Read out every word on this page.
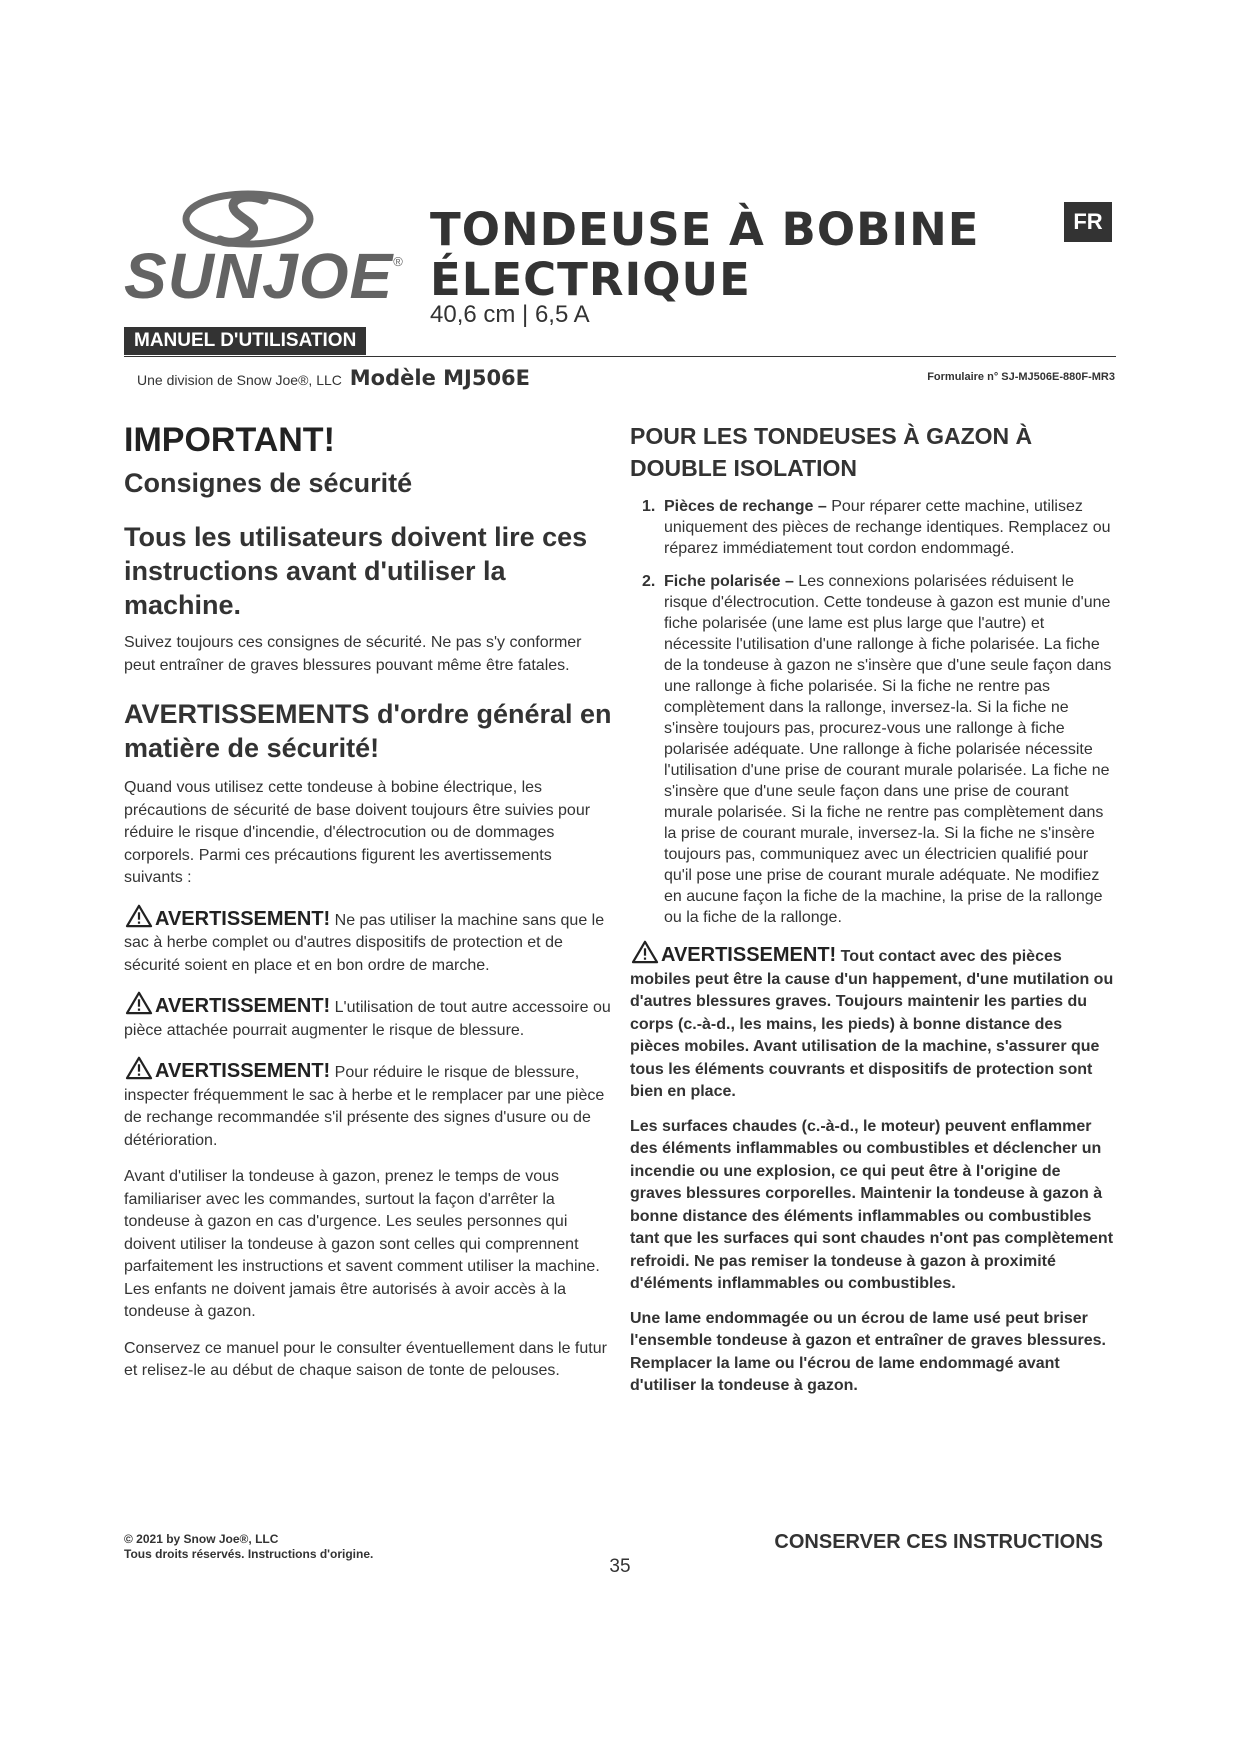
SUNJOE®
MANUEL D'UTILISATION
TONDEUSE À BOBINE
ÉLECTRIQUE
40,6 cm | 6,5 A
FR
Une division de Snow Joe®, LLC Modèle MJ506E	Formulaire n° SJ-MJ506E-880F-MR3
IMPORTANT!
Consignes de sécurité
Tous les utilisateurs doivent lire ces instructions avant d'utiliser la machine.

Suivez toujours ces consignes de sécurité. Ne pas s'y conformer peut entraîner de graves blessures pouvant même être fatales.

AVERTISSEMENTS d'ordre général en matière de sécurité!

Quand vous utilisez cette tondeuse à bobine électrique, les précautions de sécurité de base doivent toujours être suivies pour réduire le risque d'incendie, d'électrocution ou de dommages corporels. Parmi ces précautions figurent les avertissements suivants :

AVERTISSEMENT! Ne pas utiliser la machine sans que le sac à herbe complet ou d'autres dispositifs de protection et de sécurité soient en place et en bon ordre de marche.

AVERTISSEMENT! L'utilisation de tout autre accessoire ou pièce attachée pourrait augmenter le risque de blessure.

AVERTISSEMENT! Pour réduire le risque de blessure, inspecter fréquemment le sac à herbe et le remplacer par une pièce de rechange recommandée s'il présente des signes d'usure ou de détérioration.

Avant d'utiliser la tondeuse à gazon, prenez le temps de vous familiariser avec les commandes, surtout la façon d'arrêter la tondeuse à gazon en cas d'urgence. Les seules personnes qui doivent utiliser la tondeuse à gazon sont celles qui comprennent parfaitement les instructions et savent comment utiliser la machine. Les enfants ne doivent jamais être autorisés à avoir accès à la tondeuse à gazon.

Conservez ce manuel pour le consulter éventuellement dans le futur et relisez-le au début de chaque saison de tonte de pelouses.

POUR LES TONDEUSES À GAZON À DOUBLE ISOLATION
1. Pièces de rechange – Pour réparer cette machine, utilisez uniquement des pièces de rechange identiques. Remplacez ou réparez immédiatement tout cordon endommagé.
2. Fiche polarisée – Les connexions polarisées réduisent le risque d'électrocution. Cette tondeuse à gazon est munie d'une fiche polarisée (une lame est plus large que l'autre) et nécessite l'utilisation d'une rallonge à fiche polarisée. La fiche de la tondeuse à gazon ne s'insère que d'une seule façon dans une rallonge à fiche polarisée. Si la fiche ne rentre pas complètement dans la rallonge, inversez-la. Si la fiche ne s'insère toujours pas, procurez-vous une rallonge à fiche polarisée adéquate. Une rallonge à fiche polarisée nécessite l'utilisation d'une prise de courant murale polarisée. La fiche ne s'insère que d'une seule façon dans une prise de courant murale polarisée. Si la fiche ne rentre pas complètement dans la prise de courant murale, inversez-la. Si la fiche ne s'insère toujours pas, communiquez avec un électricien qualifié pour qu'il pose une prise de courant murale adéquate. Ne modifiez en aucune façon la fiche de la machine, la prise de la rallonge ou la fiche de la rallonge.

AVERTISSEMENT! Tout contact avec des pièces mobiles peut être la cause d'un happement, d'une mutilation ou d'autres blessures graves. Toujours maintenir les parties du corps (c.-à-d., les mains, les pieds) à bonne distance des pièces mobiles. Avant utilisation de la machine, s'assurer que tous les éléments couvrants et dispositifs de protection sont bien en place.

Les surfaces chaudes (c.-à-d., le moteur) peuvent enflammer des éléments inflammables ou combustibles et déclencher un incendie ou une explosion, ce qui peut être à l'origine de graves blessures corporelles. Maintenir la tondeuse à gazon à bonne distance des éléments inflammables ou combustibles tant que les surfaces qui sont chaudes n'ont pas complètement refroidi. Ne pas remiser la tondeuse à gazon à proximité d'éléments inflammables ou combustibles.

Une lame endommagée ou un écrou de lame usé peut briser l'ensemble tondeuse à gazon et entraîner de graves blessures. Remplacer la lame ou l'écrou de lame endommagé avant d'utiliser la tondeuse à gazon.

© 2021 by Snow Joe®, LLC
Tous droits réservés. Instructions d'origine.
CONSERVER CES INSTRUCTIONS
35
